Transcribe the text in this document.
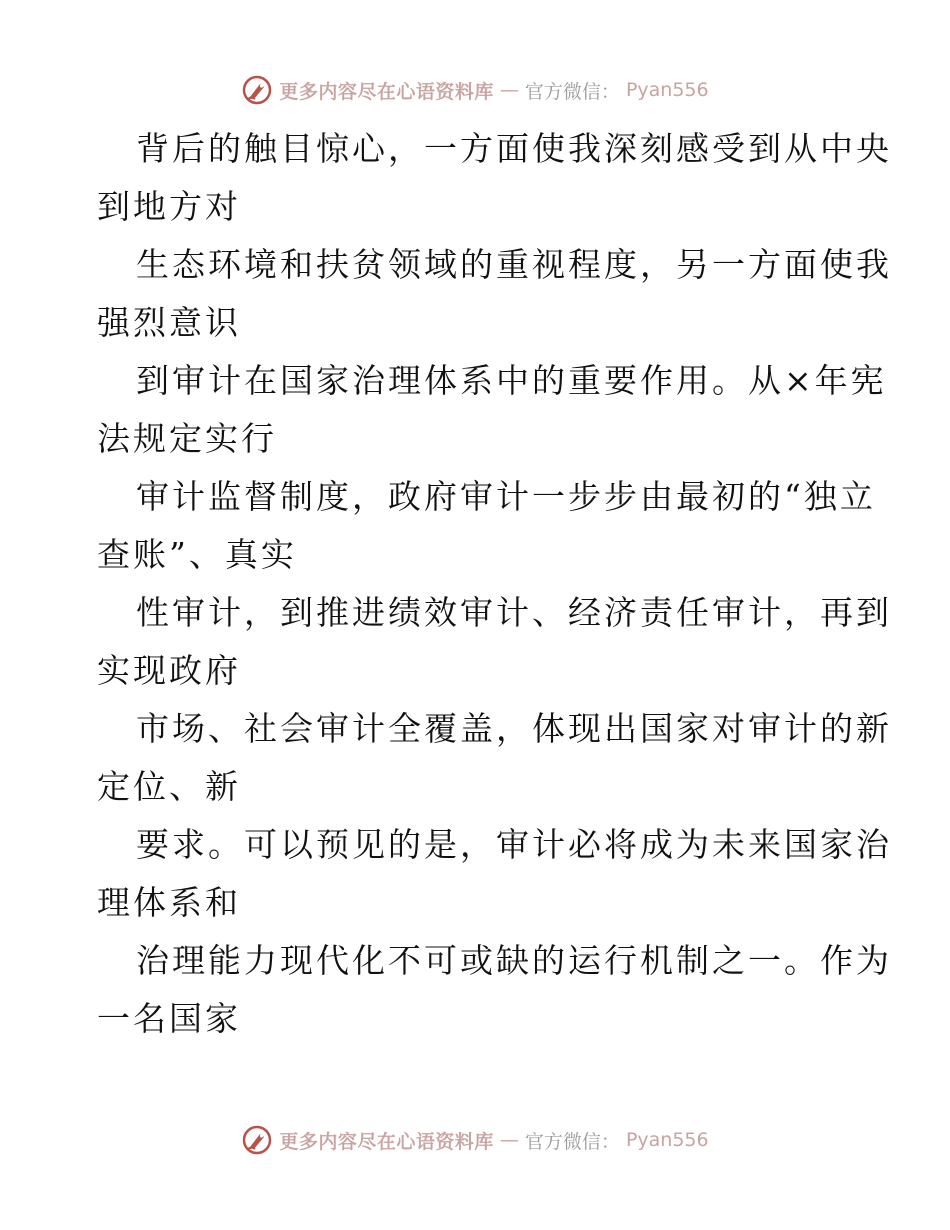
更多内容尽在心语资料库 — 官方微信： Pyan556

背后的触目惊心，一方面使我深刻感受到从中央
到地方对

生态环境和扶贫领域的重视程度，另一方面使我
强烈意识

到审计在国家治理体系中的重要作用。从×年宪
法规定实行

审计监督制度，政府审计一步步由最初的“独立
查账”、真实

性审计，到推进绩效审计、经济责任审计，再到
实现政府

市场、社会审计全覆盖，体现出国家对审计的新
定位、新

要求。可以预见的是，审计必将成为未来国家治
理体系和

治理能力现代化不可或缺的运行机制之一。作为
一名国家

更多内容尽在心语资料库 — 官方微信： Pyan556
